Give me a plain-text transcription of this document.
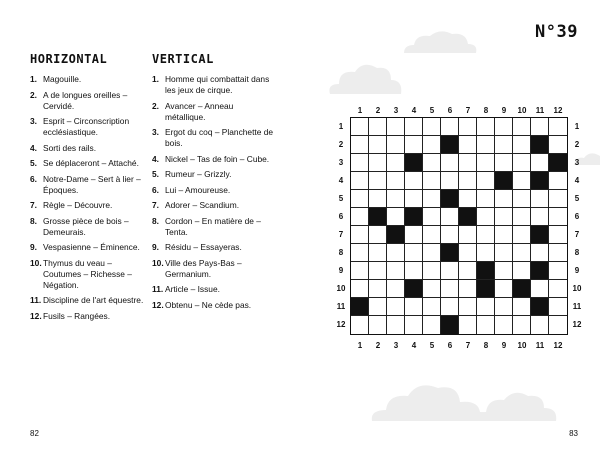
HORIZONTAL	VERTICAL
1. Magouille.
2. A de longues oreilles – Cervidé.
3. Esprit – Circonscription ecclésiastique.
4. Sorti des rails.
5. Se déplaceront – Attaché.
6. Notre-Dame – Sert à lier – Époques.
7. Règle – Découvre.
8. Grosse pièce de bois – Demeurais.
9. Vespasienne – Éminence.
10. Thymus du veau – Coutumes – Richesse – Négation.
11. Discipline de l'art équestre.
12. Fusils – Rangées.
1. Homme qui combattait dans les jeux de cirque.
2. Avancer – Anneau métallique.
3. Ergot du coq – Planchette de bois.
4. Nickel – Tas de foin – Cube.
5. Rumeur – Grizzly.
6. Lui – Amoureuse.
7. Adorer – Scandium.
8. Cordon – En matière de – Tenta.
9. Résidu – Essayeras.
10. Ville des Pays-Bas – Germanium.
11. Article – Issue.
12. Obtenu – Ne cède pas.
N°39
1	2	3	4	5	6	7	8	9	10	11	12
1	2	3	4	5	6	7	8	9	10	11	12
1
2
3
4
5
6
7
8
9
10
11
12
1
2
3
4
5
6
7
8
9
10
11
12
82	83
